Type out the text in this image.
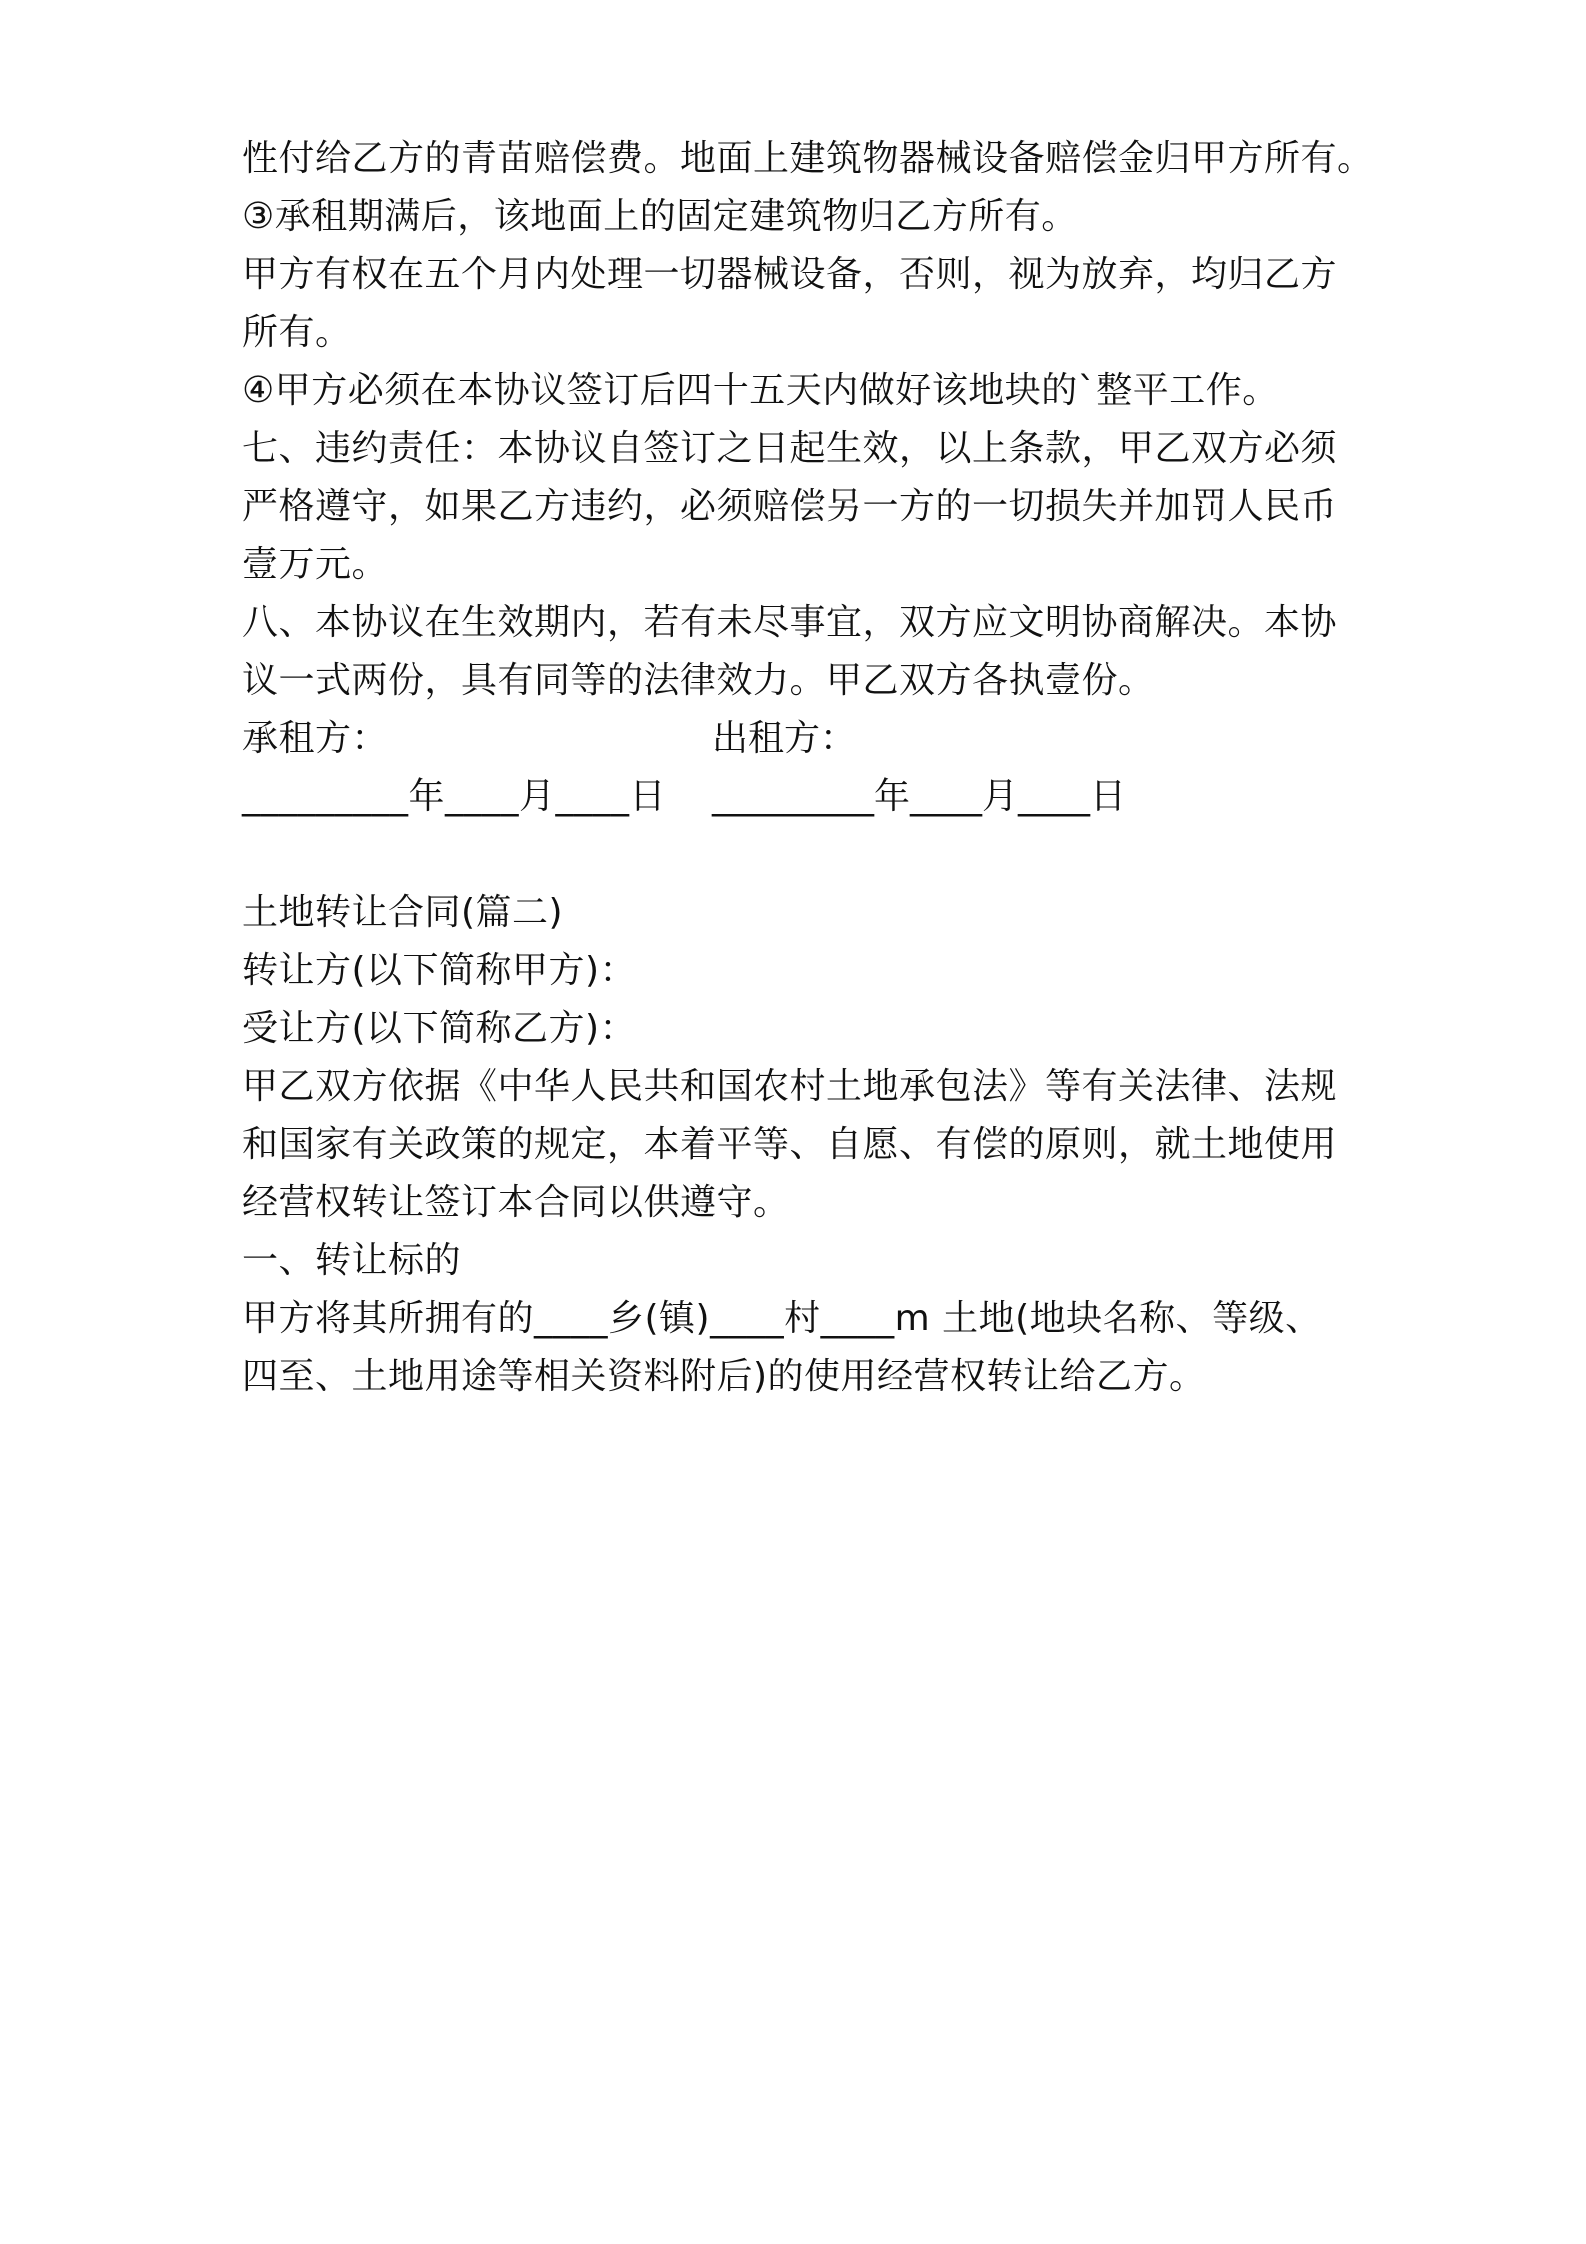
性付给乙方的青苗赔偿费。地面上建筑物器械设备赔偿金归甲方所有。
③承租期满后，该地面上的固定建筑物归乙方所有。
甲方有权在五个月内处理一切器械设备，否则，视为放弃，均归乙方
所有。
④甲方必须在本协议签订后四十五天内做好该地块的`整平工作。
七、违约责任：本协议自签订之日起生效，以上条款，甲乙双方必须
严格遵守，如果乙方违约，必须赔偿另一方的一切损失并加罚人民币
壹万元。
八、本协议在生效期内，若有未尽事宜，双方应文明协商解决。本协
议一式两份，具有同等的法律效力。甲乙双方各执壹份。
承租方：	出租方：
_________年____月____日	_________年____月____日
土地转让合同(篇二)
转让方(以下简称甲方)：
受让方(以下简称乙方)：
甲乙双方依据《中华人民共和国农村土地承包法》等有关法律、法规
和国家有关政策的规定，本着平等、自愿、有偿的原则，就土地使用
经营权转让签订本合同以供遵守。
一、转让标的
甲方将其所拥有的____乡(镇)____村____m 土地(地块名称、等级、
四至、土地用途等相关资料附后)的使用经营权转让给乙方。
